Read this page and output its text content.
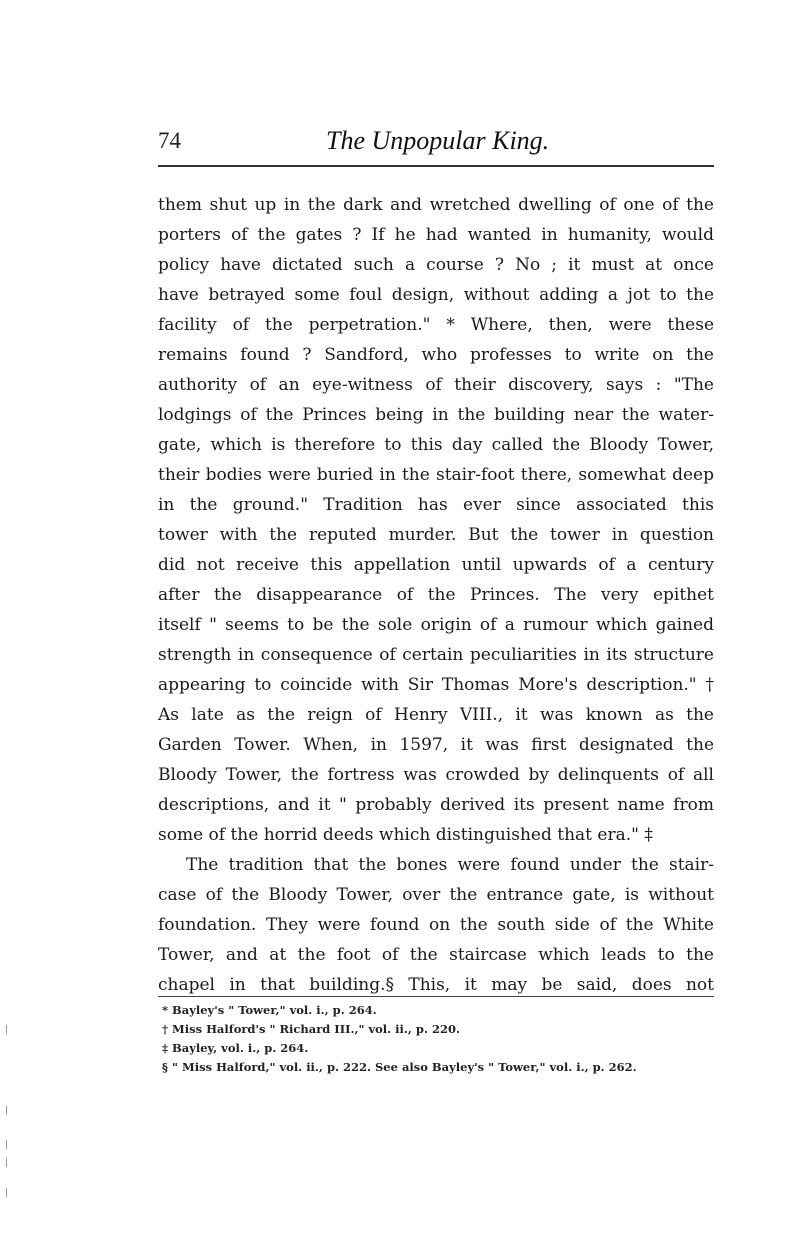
74	The Unpopular King.
them shut up in the dark and wretched dwelling of one of the
porters of the gates ? If he had wanted in humanity, would
policy have dictated such a course ? No ; it must at once
have betrayed some foul design, without adding a jot to the
facility of the perpetration." * Where, then, were these
remains found ? Sandford, who professes to write on the
authority of an eye-witness of their discovery, says : "The
lodgings of the Princes being in the building near the water-
gate, which is therefore to this day called the Bloody Tower,
their bodies were buried in the stair-foot there, somewhat deep
in the ground." Tradition has ever since associated this
tower with the reputed murder. But the tower in question
did not receive this appellation until upwards of a century
after the disappearance of the Princes. The very epithet
itself " seems to be the sole origin of a rumour which gained
strength in consequence of certain peculiarities in its structure
appearing to coincide with Sir Thomas More's description." †
As late as the reign of Henry VIII., it was known as the
Garden Tower. When, in 1597, it was first designated the
Bloody Tower, the fortress was crowded by delinquents of all
descriptions, and it " probably derived its present name from
some of the horrid deeds which distinguished that era." ‡
The tradition that the bones were found under the stair-
case of the Bloody Tower, over the entrance gate, is without
foundation. They were found on the south side of the White
Tower, and at the foot of the staircase which leads to the
chapel in that building.§ This, it may be said, does not
* Bayley's " Tower," vol. i., p. 264.
† Miss Halford's " Richard III.," vol. ii., p. 220.
‡ Bayley, vol. i., p. 264.
§ " Miss Halford," vol. ii., p. 222. See also Bayley's " Tower," vol. i., p. 262.
